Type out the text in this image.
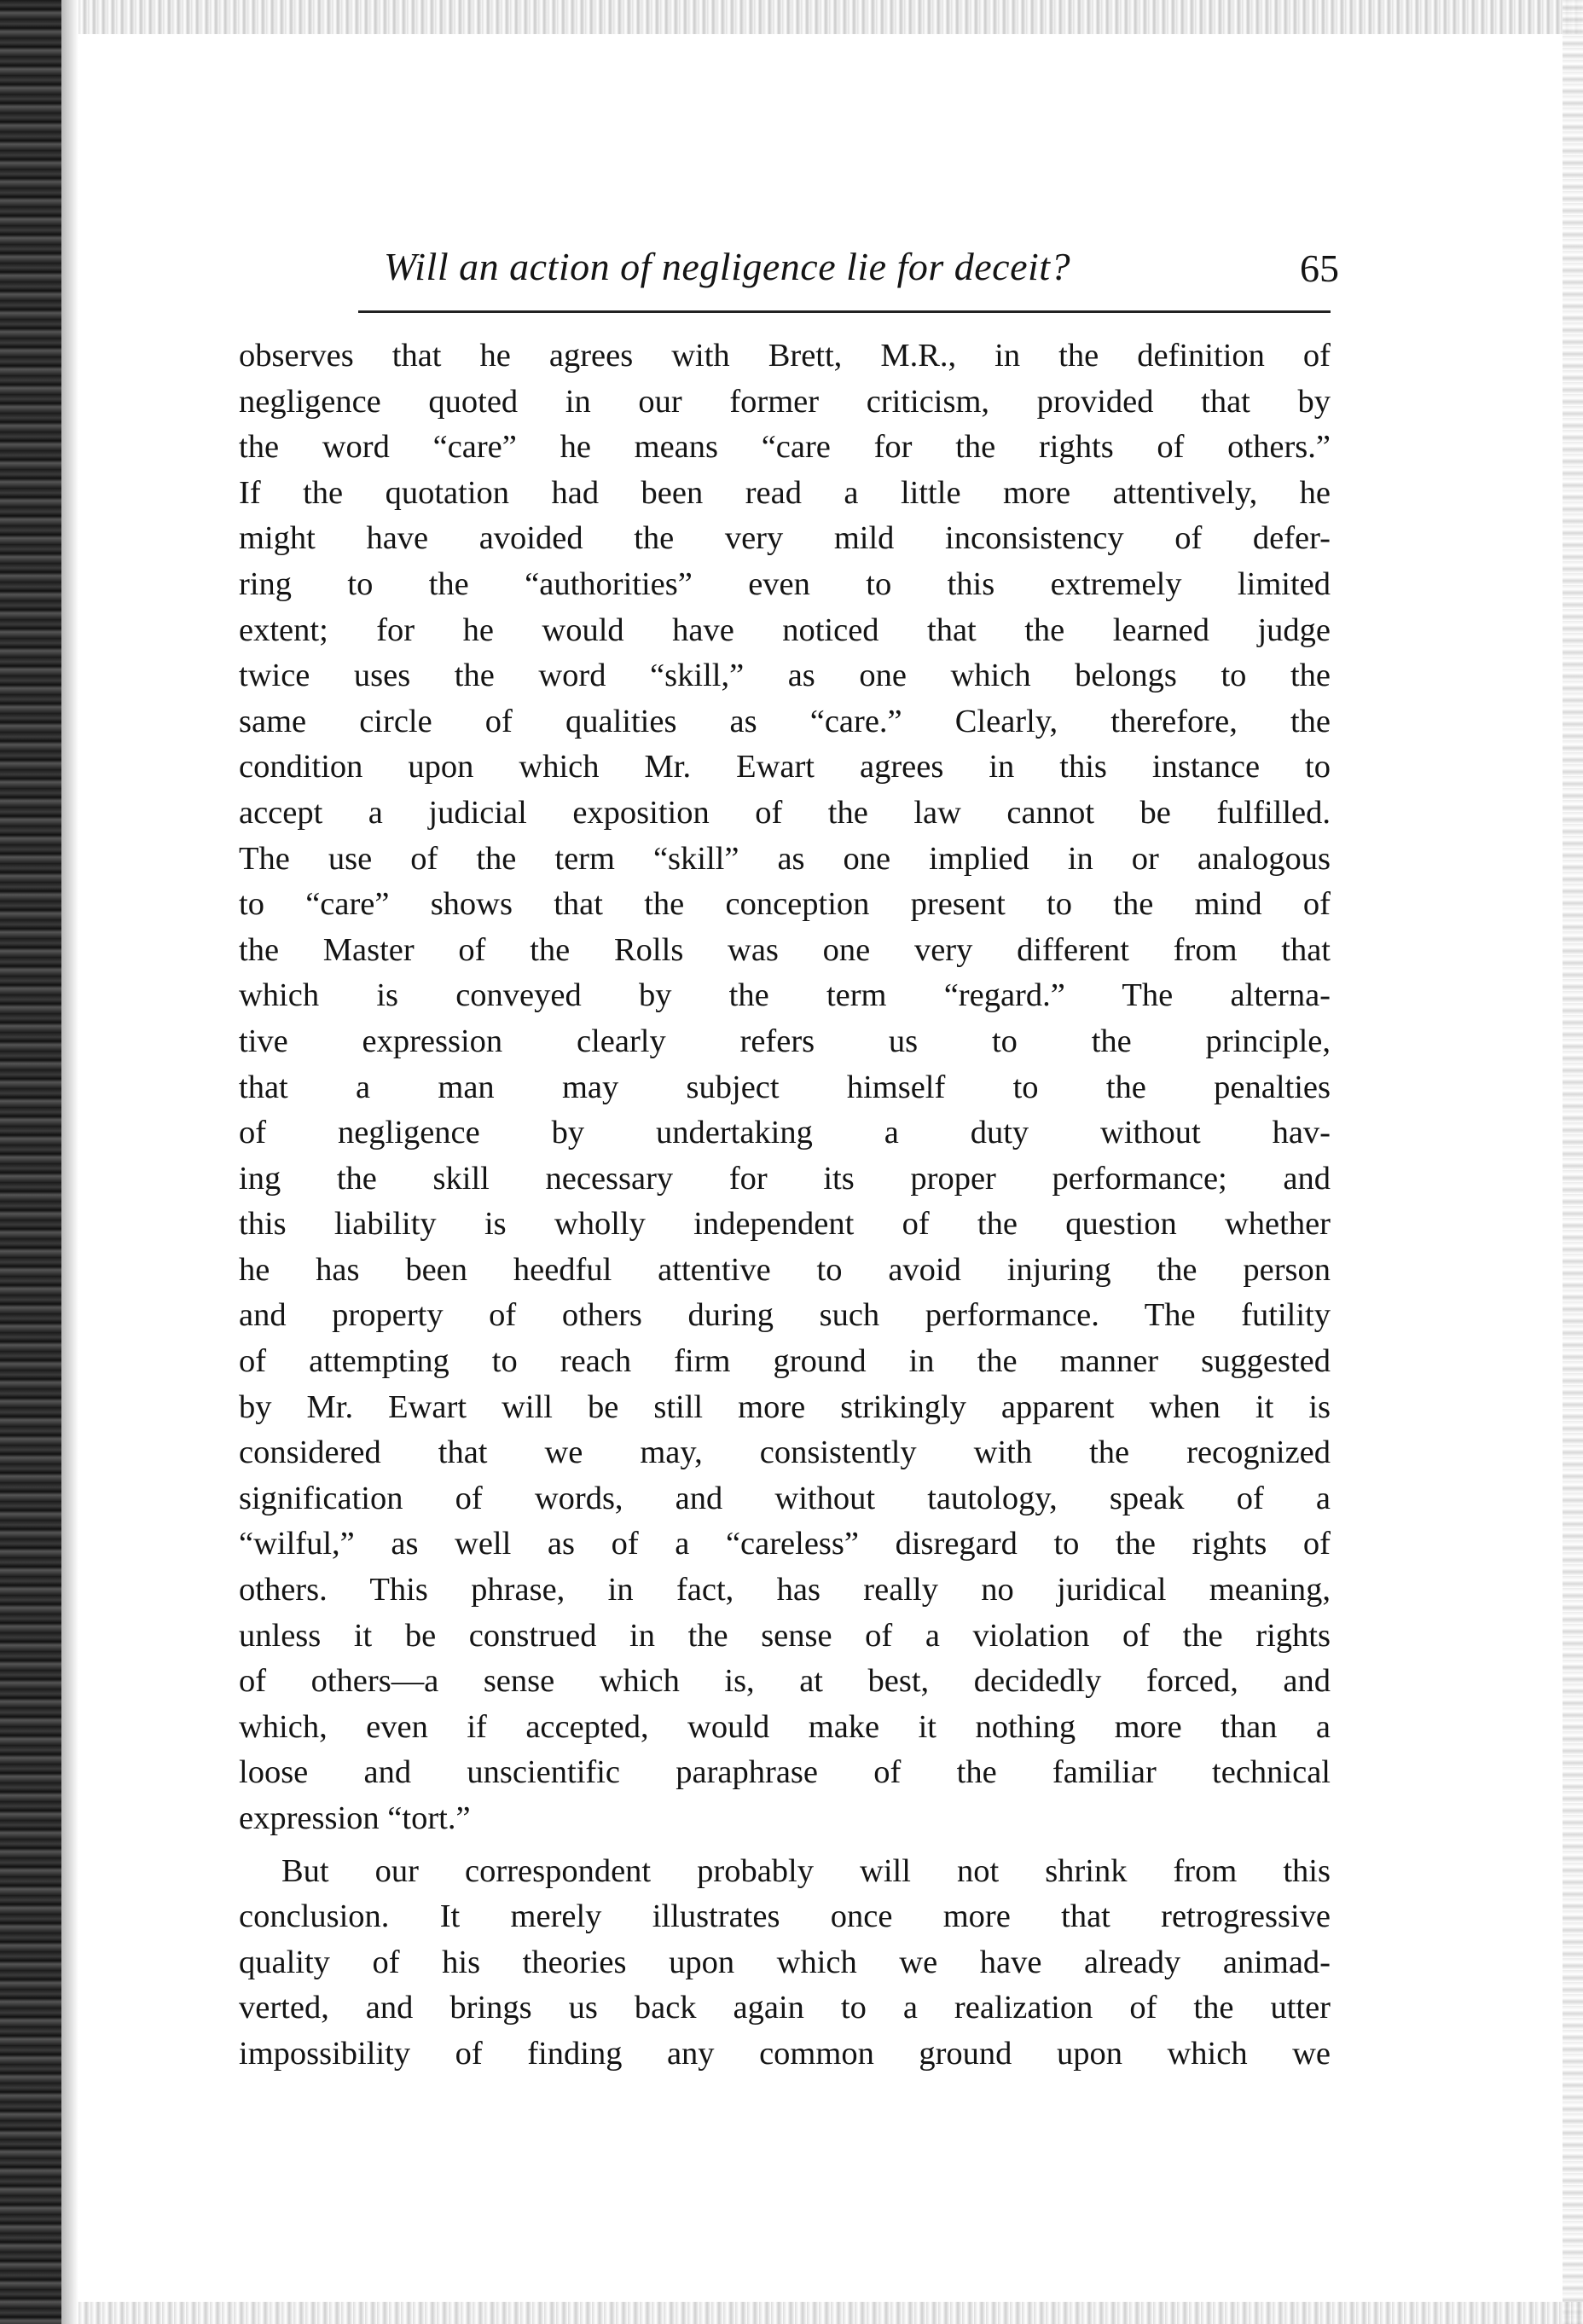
Will an action of negligence lie for deceit?	65
observes that he agrees with Brett, M.R., in the definition of
negligence quoted in our former criticism, provided that by
the word “care” he means “care for the rights of others.”
If the quotation had been read a little more attentively, he
might have avoided the very mild inconsistency of defer-
ring to the “authorities” even to this extremely limited
extent; for he would have noticed that the learned judge
twice uses the word “skill,” as one which belongs to the
same circle of qualities as “care.” Clearly, therefore, the
condition upon which Mr. Ewart agrees in this instance to
accept a judicial exposition of the law cannot be fulfilled.
The use of the term “skill” as one implied in or analogous
to “care” shows that the conception present to the mind of
the Master of the Rolls was one very different from that
which is conveyed by the term “regard.” The alterna-
tive expression clearly refers us to the principle,
that a man may subject himself to the penalties
of negligence by undertaking a duty without hav-
ing the skill necessary for its proper performance; and
this liability is wholly independent of the question whether
he has been heedful attentive to avoid injuring the person
and property of others during such performance. The futility
of attempting to reach firm ground in the manner suggested
by Mr. Ewart will be still more strikingly apparent when it is
considered that we may, consistently with the recognized
signification of words, and without tautology, speak of a
“wilful,” as well as of a “careless” disregard to the rights of
others. This phrase, in fact, has really no juridical meaning,
unless it be construed in the sense of a violation of the rights
of others—a sense which is, at best, decidedly forced, and
which, even if accepted, would make it nothing more than a
loose and unscientific paraphrase of the familiar technical
expression “tort.”
But our correspondent probably will not shrink from this
conclusion. It merely illustrates once more that retrogressive
quality of his theories upon which we have already animad-
verted, and brings us back again to a realization of the utter
impossibility of finding any common ground upon which we
